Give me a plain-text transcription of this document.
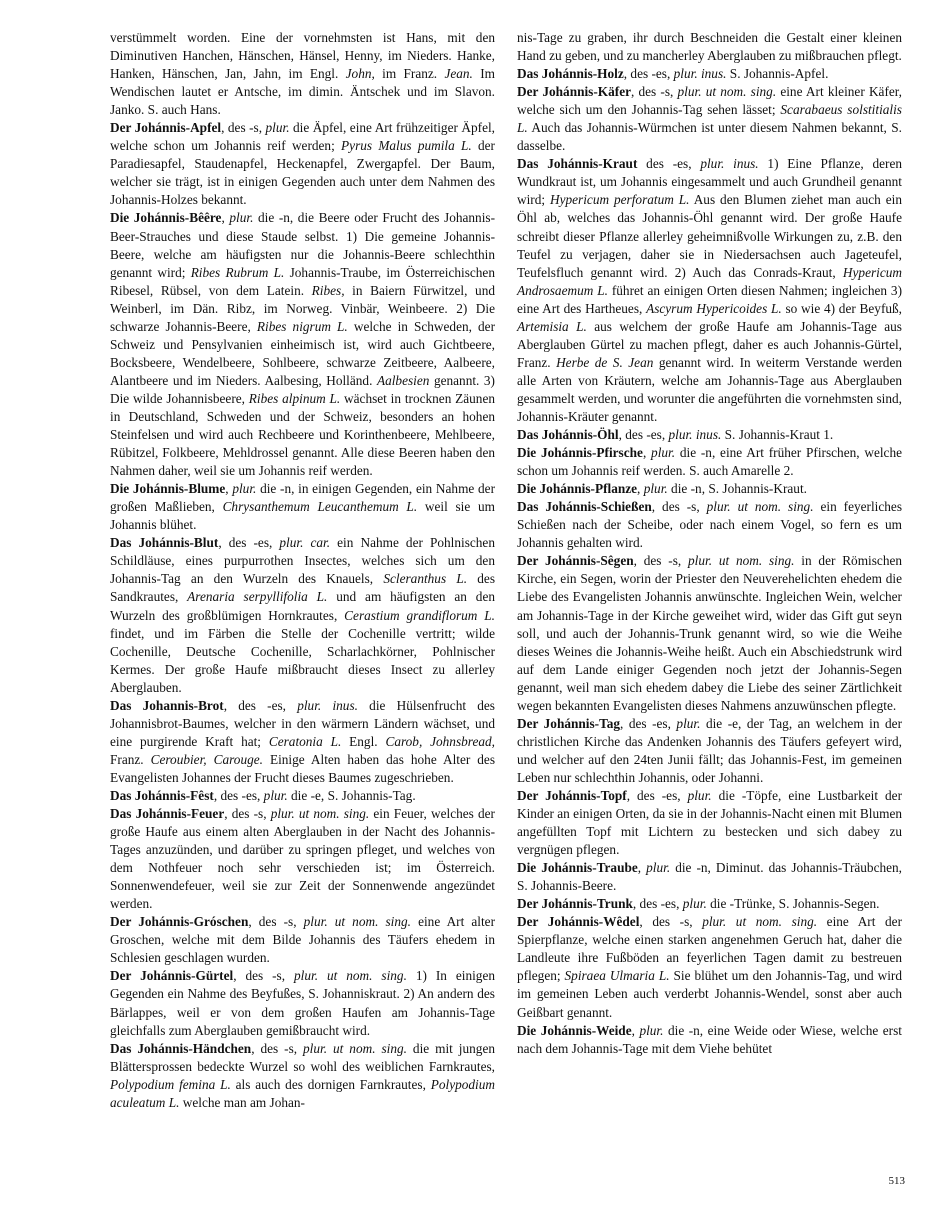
verstümmelt worden. Eine der vornehmsten ist Hans, mit den Diminutiven Hanchen, Hänschen, Hänsel, Henny, im Nieders. Hanke, Hanken, Hänschen, Jan, Jahn, im Engl. John, im Franz. Jean. Im Wendischen lautet er Antsche, im dimin. Äntschek und im Slavon. Janko. S. auch Hans.
Der Johánnis-Apfel, des -s, plur. die Äpfel, eine Art frühzeitiger Äpfel, welche schon um Johannis reif werden; Pyrus Malus pumila L. der Paradiesapfel, Staudenapfel, Heckenapfel, Zwergapfel. Der Baum, welcher sie trägt, ist in einigen Gegenden auch unter dem Nahmen des Johannis-Holzes bekannt.
Die Johánnis-Bêêre, plur. die -n, die Beere oder Frucht des Johannis-Beer-Strauches und diese Staude selbst. 1) Die gemeine Johannis-Beere, welche am häufigsten nur die Johannis-Beere schlechthin genannt wird; Ribes Rubrum L. Johannis-Traube, im Österreichischen Ribesel, Rübsel, von dem Latein. Ribes, in Baiern Fürwitzel, und Weinberl, im Dän. Ribz, im Norweg. Vinbär, Weinbeere. 2) Die schwarze Johannis-Beere, Ribes nigrum L. welche in Schweden, der Schweiz und Pensylvanien einheimisch ist, wird auch Gichtbeere, Bocksbeere, Wendelbeere, Sohlbeere, schwarze Zeitbeere, Aalbeere, Alantbeere und im Nieders. Aalbesing, Holländ. Aalbesien genannt. 3) Die wilde Johannisbeere, Ribes alpinum L. wächset in trocknen Zäunen in Deutschland, Schweden und der Schweiz, besonders an hohen Steinfelsen und wird auch Rechbeere und Korinthenbeere, Mehlbeere, Rübitzel, Folkbeere, Mehldrossel genannt. Alle diese Beeren haben den Nahmen daher, weil sie um Johannis reif werden.
Die Johánnis-Blume, plur. die -n, in einigen Gegenden, ein Nahme der großen Maßlieben, Chrysanthemum Leucanthemum L. weil sie um Johannis blühet.
Das Johánnis-Blut, des -es, plur. car. ein Nahme der Pohlnischen Schildläuse, eines purpurrothen Insectes, welches sich um den Johannis-Tag an den Wurzeln des Knauels, Scleranthus L. des Sandkrautes, Arenaria serpyllifolia L. und am häufigsten an den Wurzeln des großblümigen Hornkrautes, Cerastium grandiflorum L. findet, und im Färben die Stelle der Cochenille vertritt; wilde Cochenille, Deutsche Cochenille, Scharlachkörner, Pohlnischer Kermes. Der große Haufe mißbraucht dieses Insect zu allerley Aberglauben.
Das Johannis-Brot, des -es, plur. inus. die Hülsenfrucht des Johannisbrot-Baumes, welcher in den wärmern Ländern wächset, und eine purgirende Kraft hat; Ceratonia L. Engl. Carob, Johnsbread, Franz. Ceroubier, Carouge. Einige Alten haben das hohe Alter des Evangelisten Johannes der Frucht dieses Baumes zugeschrieben.
Das Johánnis-Fêst, des -es, plur. die -e, S. Johannis-Tag.
Das Johánnis-Feuer, des -s, plur. ut nom. sing. ein Feuer, welches der große Haufe aus einem alten Aberglauben in der Nacht des Johannis-Tages anzuzünden, und darüber zu springen pfleget, und welches von dem Nothfeuer noch sehr verschieden ist; im Österreich. Sonnenwendefeuer, weil sie zur Zeit der Sonnenwende angezündet werden.
Der Johánnis-Gróschen, des -s, plur. ut nom. sing. eine Art alter Groschen, welche mit dem Bilde Johannis des Täufers ehedem in Schlesien geschlagen wurden.
Der Johánnis-Gürtel, des -s, plur. ut nom. sing. 1) In einigen Gegenden ein Nahme des Beyfußes, S. Johanniskraut. 2) An andern des Bärlappes, weil er von dem großen Haufen am Johannis-Tage gleichfalls zum Aberglauben gemißbraucht wird.
Das Johánnis-Händchen, des -s, plur. ut nom. sing. die mit jungen Blättersprossen bedeckte Wurzel so wohl des weiblichen Farnkrautes, Polypodium femina L. als auch des dornigen Farnkrautes, Polypodium aculeatum L. welche man am Johan-
nis-Tage zu graben, ihr durch Beschneiden die Gestalt einer kleinen Hand zu geben, und zu mancherley Aberglauben zu mißbrauchen pflegt.
Das Johánnis-Holz, des -es, plur. inus. S. Johannis-Apfel.
Der Johánnis-Käfer, des -s, plur. ut nom. sing. eine Art kleiner Käfer, welche sich um den Johannis-Tag sehen lässet; Scarabaeus solstitialis L. Auch das Johannis-Würmchen ist unter diesem Nahmen bekannt, S. dasselbe.
Das Johánnis-Kraut des -es, plur. inus. 1) Eine Pflanze, deren Wundkraut ist, um Johannis eingesammelt und auch Grundheil genannt wird; Hypericum perforatum L. Aus den Blumen ziehet man auch ein Öhl ab, welches das Johannis-Öhl genannt wird. Der große Haufe schreibt dieser Pflanze allerley geheimnißvolle Wirkungen zu, z.B. den Teufel zu verjagen, daher sie in Niedersachsen auch Jageteufel, Teufelsfluch genannt wird. 2) Auch das Conrads-Kraut, Hypericum Androsaemum L. führet an einigen Orten diesen Nahmen; ingleichen 3) eine Art des Hartheues, Ascyrum Hypericoides L. so wie 4) der Beyfuß, Artemisia L. aus welchem der große Haufe am Johannis-Tage aus Aberglauben Gürtel zu machen pflegt, daher es auch Johannis-Gürtel, Franz. Herbe de S. Jean genannt wird. In weiterm Verstande werden alle Arten von Kräutern, welche am Johannis-Tage aus Aberglauben gesammelt werden, und worunter die angeführten die vornehmsten sind, Johannis-Kräuter genannt.
Das Johánnis-Öhl, des -es, plur. inus. S. Johannis-Kraut 1.
Die Johánnis-Pfirsche, plur. die -n, eine Art früher Pfirschen, welche schon um Johannis reif werden. S. auch Amarelle 2.
Die Johánnis-Pflanze, plur. die -n, S. Johannis-Kraut.
Das Johánnis-Schießen, des -s, plur. ut nom. sing. ein feyerliches Schießen nach der Scheibe, oder nach einem Vogel, so fern es um Johannis gehalten wird.
Der Johánnis-Sêgen, des -s, plur. ut nom. sing. in der Römischen Kirche, ein Segen, worin der Priester den Neuverehelichten ehedem die Liebe des Evangelisten Johannis anwünschte. Ingleichen Wein, welcher am Johannis-Tage in der Kirche geweihet wird, wider das Gift gut seyn soll, und auch der Johannis-Trunk genannt wird, so wie die Weihe dieses Weines die Johannis-Weihe heißt. Auch ein Abschiedstrunk wird auf dem Lande einiger Gegenden noch jetzt der Johannis-Segen genannt, weil man sich ehedem dabey die Liebe des seiner Zärtlichkeit wegen bekannten Evangelisten dieses Nahmens anzuwünschen pflegte.
Der Johánnis-Tag, des -es, plur. die -e, der Tag, an welchem in der christlichen Kirche das Andenken Johannis des Täufers gefeyert wird, und welcher auf den 24ten Junii fällt; das Johannis-Fest, im gemeinen Leben nur schlechthin Johannis, oder Johanni.
Der Johánnis-Topf, des -es, plur. die -Töpfe, eine Lustbarkeit der Kinder an einigen Orten, da sie in der Johannis-Nacht einen mit Blumen angefüllten Topf mit Lichtern zu bestecken und sich dabey zu vergnügen pflegen.
Die Johánnis-Traube, plur. die -n, Diminut. das Johannis-Träubchen, S. Johannis-Beere.
Der Johánnis-Trunk, des -es, plur. die -Trünke, S. Johannis-Segen.
Der Johánnis-Wêdel, des -s, plur. ut nom. sing. eine Art der Spierpflanze, welche einen starken angenehmen Geruch hat, daher die Landleute ihre Fußböden an feyerlichen Tagen damit zu bestreuen pflegen; Spiraea Ulmaria L. Sie blühet um den Johannis-Tag, und wird im gemeinen Leben auch verderbt Johannis-Wendel, sonst aber auch Geißbart genannt.
Die Johánnis-Weide, plur. die -n, eine Weide oder Wiese, welche erst nach dem Johannis-Tage mit dem Viehe behütet
513
